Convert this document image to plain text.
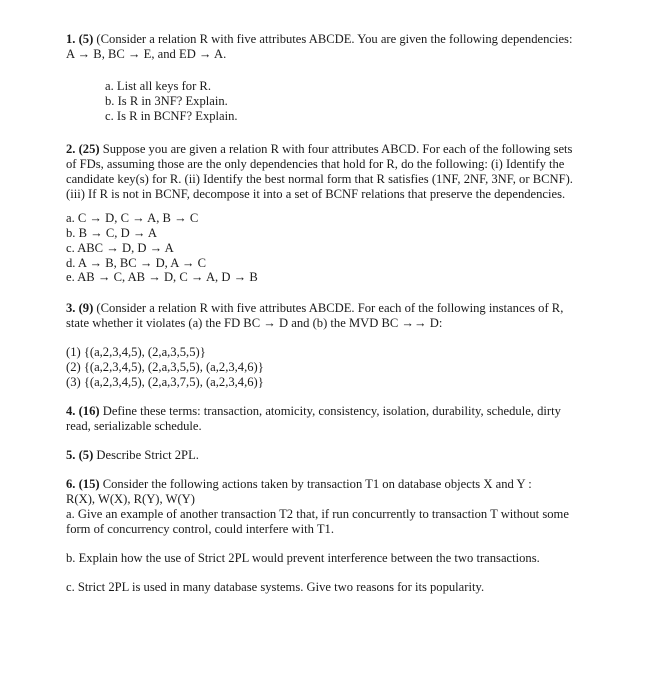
1. (5) (Consider a relation R with five attributes ABCDE. You are given the following dependencies:
A → B, BC → E, and ED → A.
a. List all keys for R.
b. Is R in 3NF? Explain.
c. Is R in BCNF? Explain.
2. (25) Suppose you are given a relation R with four attributes ABCD. For each of the following sets
of FDs, assuming those are the only dependencies that hold for R, do the following: (i) Identify the
candidate key(s) for R. (ii) Identify the best normal form that R satisfies (1NF, 2NF, 3NF, or BCNF).
(iii) If R is not in BCNF, decompose it into a set of BCNF relations that preserve the dependencies.
a. C → D, C → A, B → C
b. B → C, D → A
c. ABC → D, D → A
d. A → B, BC → D, A → C
e. AB → C, AB → D, C → A, D → B
3. (9) (Consider a relation R with five attributes ABCDE. For each of the following instances of R,
state whether it violates (a) the FD BC → D and (b) the MVD BC →→ D:
(1) {(a,2,3,4,5), (2,a,3,5,5)}
(2) {(a,2,3,4,5), (2,a,3,5,5), (a,2,3,4,6)}
(3) {(a,2,3,4,5), (2,a,3,7,5), (a,2,3,4,6)}
4. (16) Define these terms: transaction, atomicity, consistency, isolation, durability, schedule, dirty
read, serializable schedule.
5. (5) Describe Strict 2PL.
6. (15) Consider the following actions taken by transaction T1 on database objects X and Y :
R(X), W(X), R(Y), W(Y)
a. Give an example of another transaction T2 that, if run concurrently to transaction T without some
form of concurrency control, could interfere with T1.
b. Explain how the use of Strict 2PL would prevent interference between the two transactions.
c. Strict 2PL is used in many database systems. Give two reasons for its popularity.
